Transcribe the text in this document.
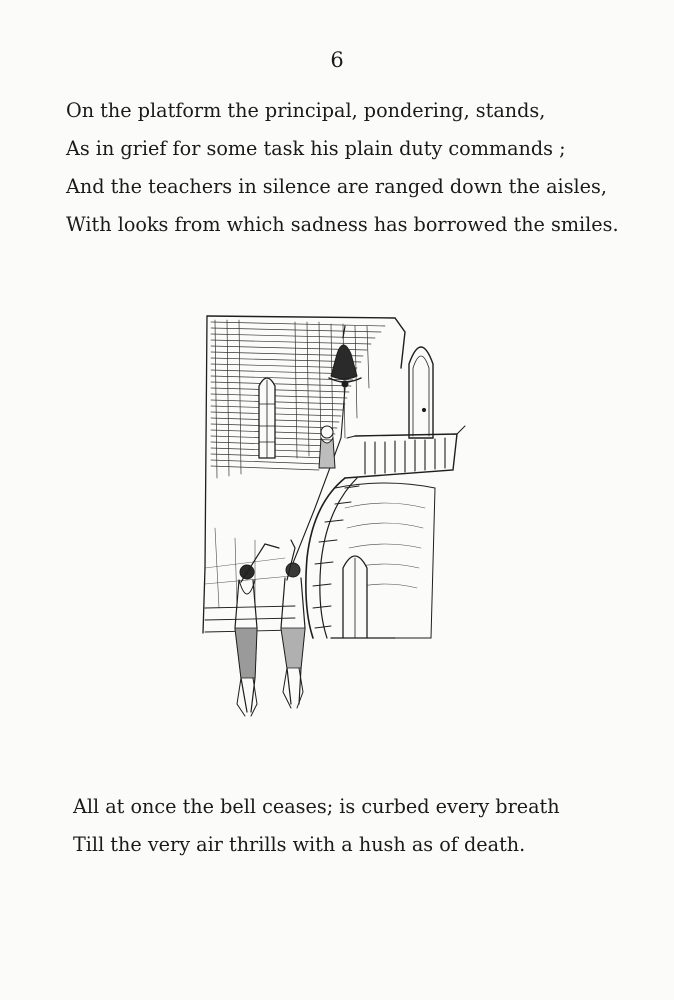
6
On the platform the principal, pondering, stands,
As in grief for some task his plain duty commands ;
And the teachers in silence are ranged down the aisles,
With looks from which sadness has borrowed the smiles.
All at once the bell ceases; is curbed every breath
Till the very air thrills with a hush as of death.
